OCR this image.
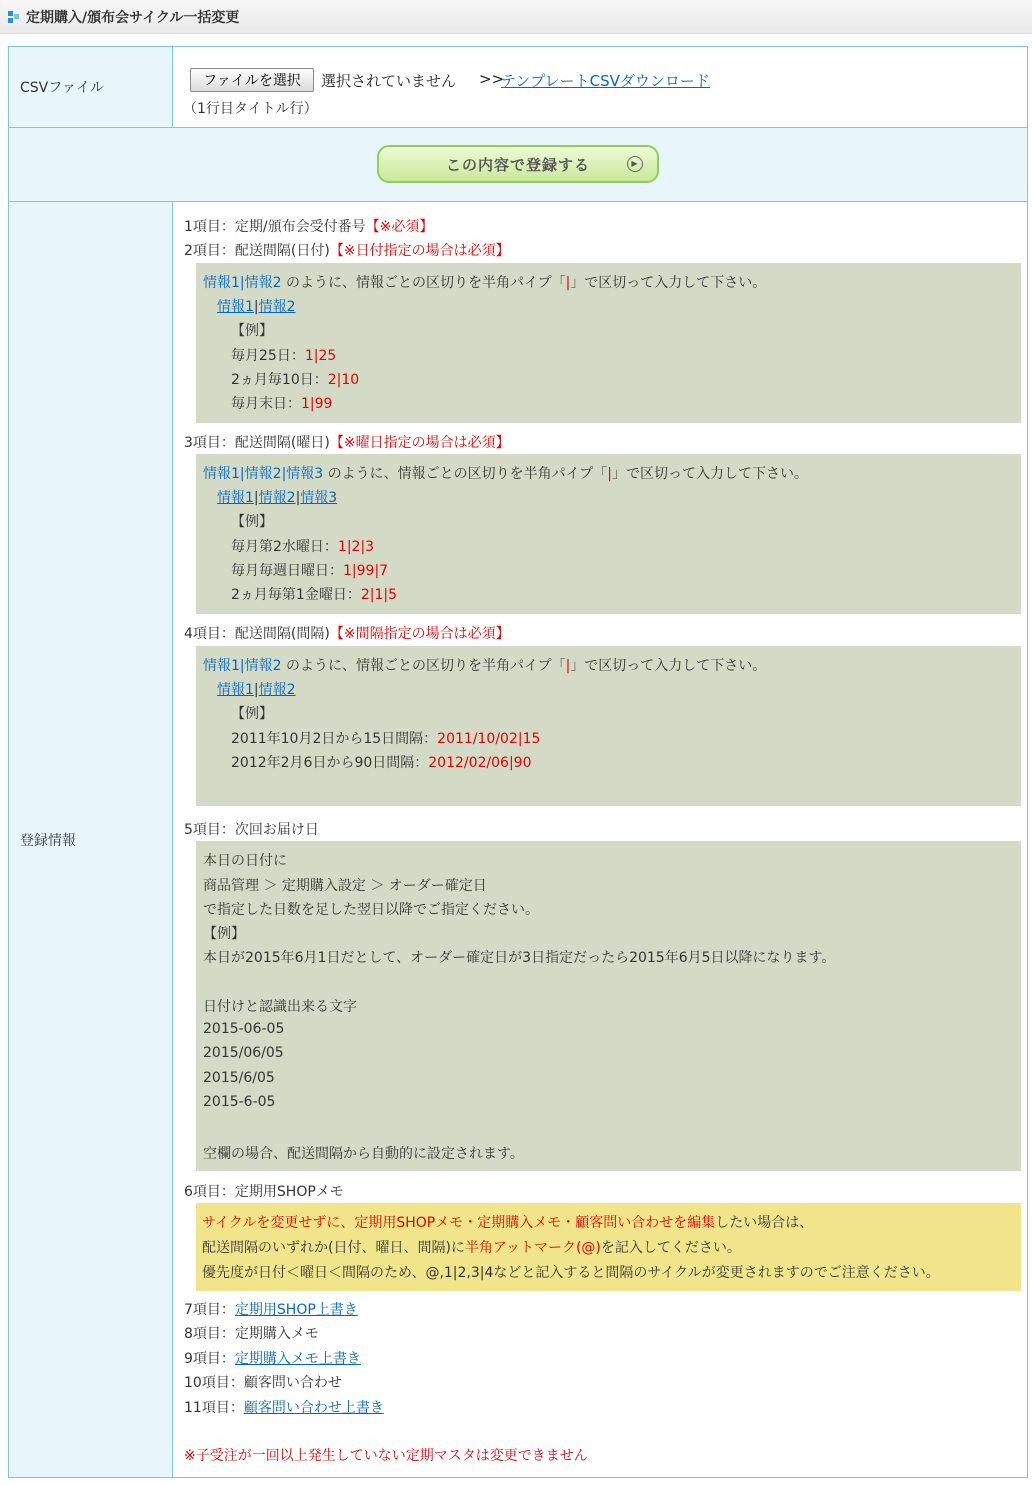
定期購入/頒布会サイクル一括変更
CSVファイル	ファイルを選択	選択されていません >>
テンプレートCSVダウンロード
（1行目タイトル行）
この内容で登録する	▶
登録情報
1項目：定期/頒布会受付番号【※必須】
2項目：配送間隔(日付)【※日付指定の場合は必須】
情報1|情報2 のように、情報ごとの区切りを半角パイプ「|」で区切って入力して下さい。
情報1|情報2
【例】
毎月25日：1|25
2ヵ月毎10日：2|10
毎月末日：1|99
3項目：配送間隔(曜日)【※曜日指定の場合は必須】
情報1|情報2|情報3 のように、情報ごとの区切りを半角パイプ「|」で区切って入力して下さい。
情報1|情報2|情報3
【例】
毎月第2水曜日：1|2|3
毎月毎週日曜日：1|99|7
2ヵ月毎第1金曜日：2|1|5
4項目：配送間隔(間隔)【※間隔指定の場合は必須】
情報1|情報2 のように、情報ごとの区切りを半角パイプ「|」で区切って入力して下さい。
情報1|情報2
【例】
2011年10月2日から15日間隔：2011/10/02|15
2012年2月6日から90日間隔：2012/02/06|90
5項目：次回お届け日
本日の日付に
商品管理 ＞ 定期購入設定 ＞ オーダー確定日
で指定した日数を足した翌日以降でご指定ください。
【例】
本日が2015年6月1日だとして、オーダー確定日が3日指定だったら2015年6月5日以降になります。
日付けと認識出来る文字
2015-06-05
2015/06/05
2015/6/05
2015-6-05
空欄の場合、配送間隔から自動的に設定されます。
6項目：定期用SHOPメモ
サイクルを変更せずに、定期用SHOPメモ・定期購入メモ・顧客問い合わせを編集したい場合は、
配送間隔のいずれか(日付、曜日、間隔)に半角アットマーク(@)を記入してください。
優先度が日付＜曜日＜間隔のため、@,1|2,3|4などと記入すると間隔のサイクルが変更されますのでご注意ください。
7項目：定期用SHOP上書き
8項目：定期購入メモ
9項目：定期購入メモ上書き
10項目：顧客問い合わせ
11項目：顧客問い合わせ上書き
※子受注が一回以上発生していない定期マスタは変更できません
